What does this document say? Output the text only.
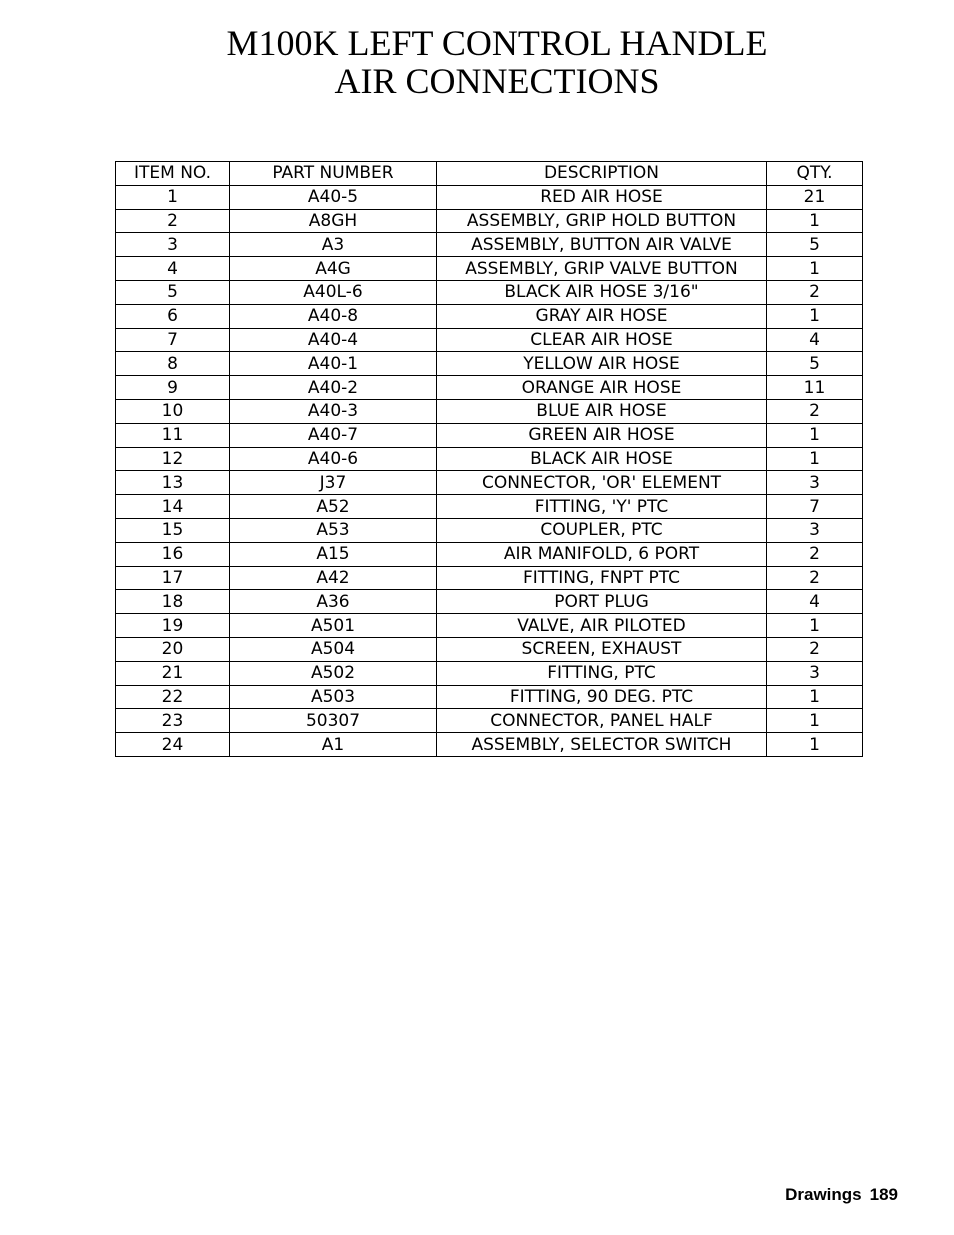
M100K LEFT CONTROL HANDLE
AIR CONNECTIONS
ITEM NO.	PART NUMBER	DESCRIPTION	QTY.
1	A40-5	RED AIR HOSE	21
2	A8GH	ASSEMBLY, GRIP HOLD BUTTON	1
3	A3	ASSEMBLY, BUTTON AIR VALVE	5
4	A4G	ASSEMBLY, GRIP VALVE BUTTON	1
5	A40L-6	BLACK AIR HOSE 3/16"	2
6	A40-8	GRAY AIR HOSE	1
7	A40-4	CLEAR AIR HOSE	4
8	A40-1	YELLOW AIR HOSE	5
9	A40-2	ORANGE AIR HOSE	11
10	A40-3	BLUE AIR HOSE	2
11	A40-7	GREEN AIR HOSE	1
12	A40-6	BLACK AIR HOSE	1
13	J37	CONNECTOR, 'OR' ELEMENT	3
14	A52	FITTING, 'Y' PTC	7
15	A53	COUPLER, PTC	3
16	A15	AIR MANIFOLD, 6 PORT	2
17	A42	FITTING, FNPT PTC	2
18	A36	PORT PLUG	4
19	A501	VALVE, AIR PILOTED	1
20	A504	SCREEN, EXHAUST	2
21	A502	FITTING, PTC	3
22	A503	FITTING, 90 DEG. PTC	1
23	50307	CONNECTOR, PANEL HALF	1
24	A1	ASSEMBLY, SELECTOR SWITCH	1
Drawings 189
